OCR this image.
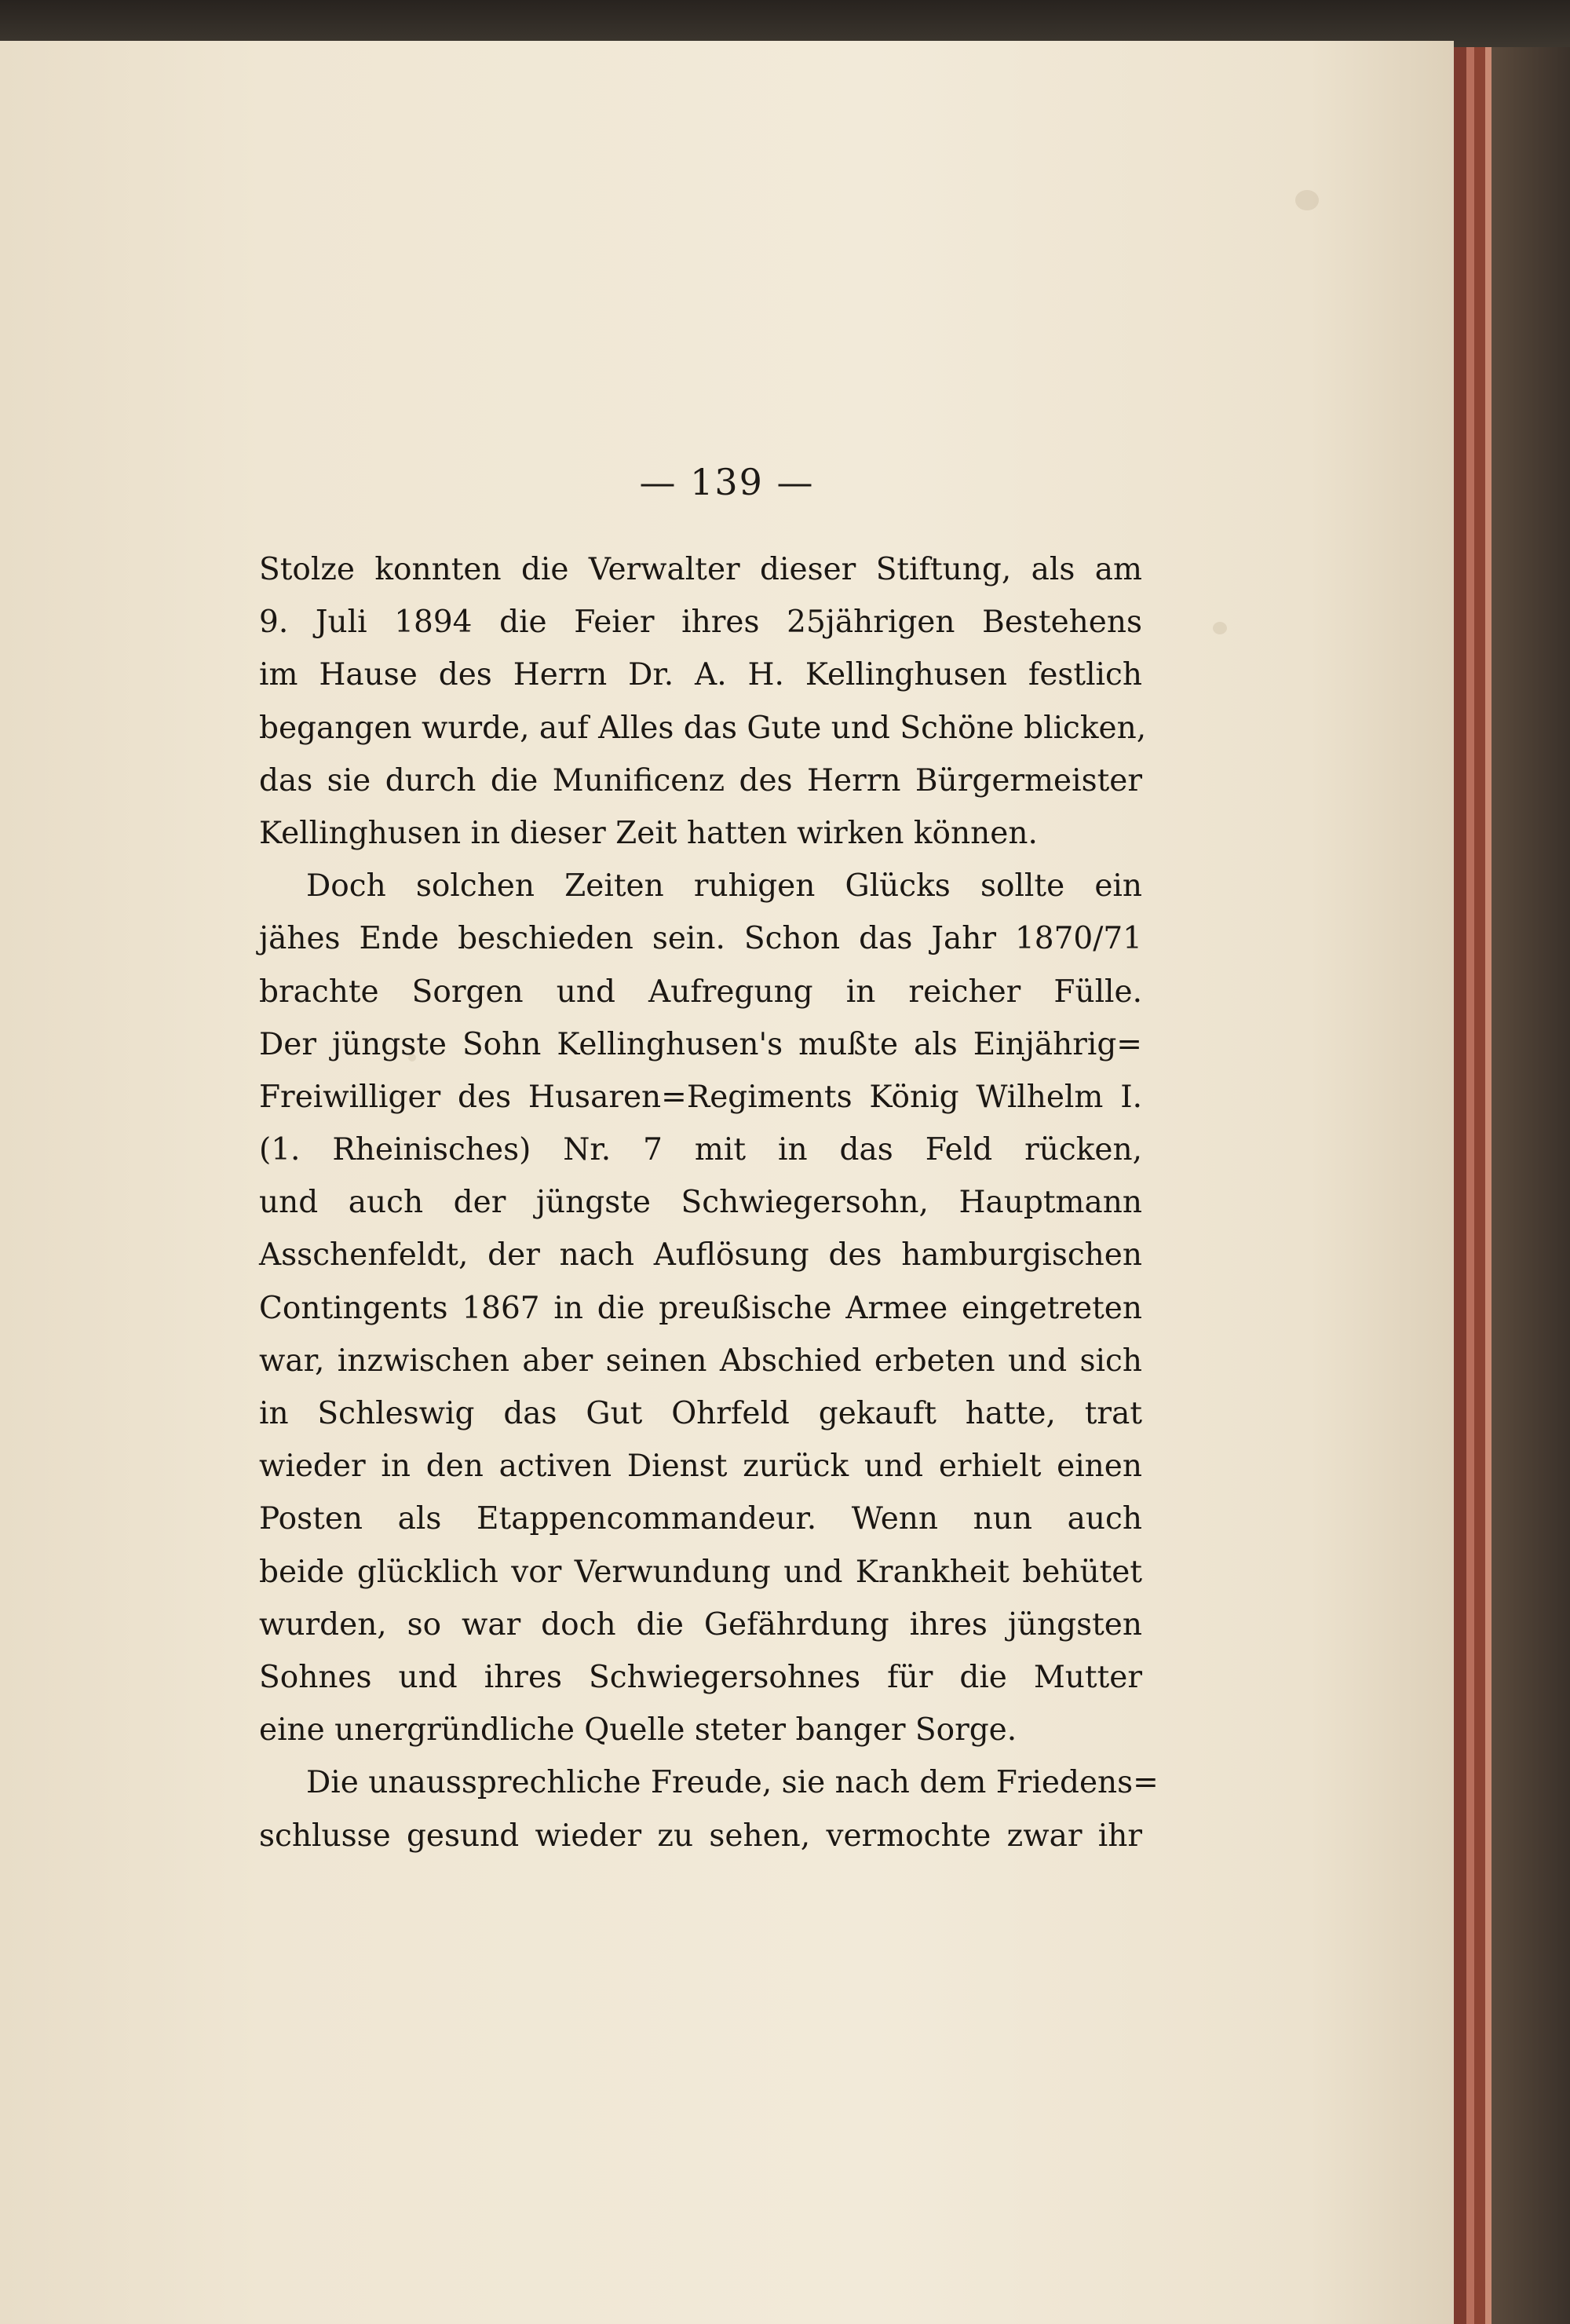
— 139 —
Stolze konnten die Verwalter dieser Stiftung, als am
9. Juli 1894 die Feier ihres 25jährigen Bestehens
im Hause des Herrn Dr. A. H. Kellinghusen festlich
begangen wurde, auf Alles das Gute und Schöne blicken,
das sie durch die Munificenz des Herrn Bürgermeister
Kellinghusen in dieser Zeit hatten wirken können.
Doch solchen Zeiten ruhigen Glücks sollte ein
jähes Ende beschieden sein. Schon das Jahr 1870/71
brachte Sorgen und Aufregung in reicher Fülle.
Der jüngste Sohn Kellinghusen's mußte als Einjährig=
Freiwilliger des Husaren=Regiments König Wilhelm I.
(1. Rheinisches) Nr. 7 mit in das Feld rücken,
und auch der jüngste Schwiegersohn, Hauptmann
Asschenfeldt, der nach Auflösung des hamburgischen
Contingents 1867 in die preußische Armee eingetreten
war, inzwischen aber seinen Abschied erbeten und sich
in Schleswig das Gut Ohrfeld gekauft hatte, trat
wieder in den activen Dienst zurück und erhielt einen
Posten als Etappencommandeur. Wenn nun auch
beide glücklich vor Verwundung und Krankheit behütet
wurden, so war doch die Gefährdung ihres jüngsten
Sohnes und ihres Schwiegersohnes für die Mutter
eine unergründliche Quelle steter banger Sorge.
Die unaussprechliche Freude, sie nach dem Friedens=
schlusse gesund wieder zu sehen, vermochte zwar ihr
